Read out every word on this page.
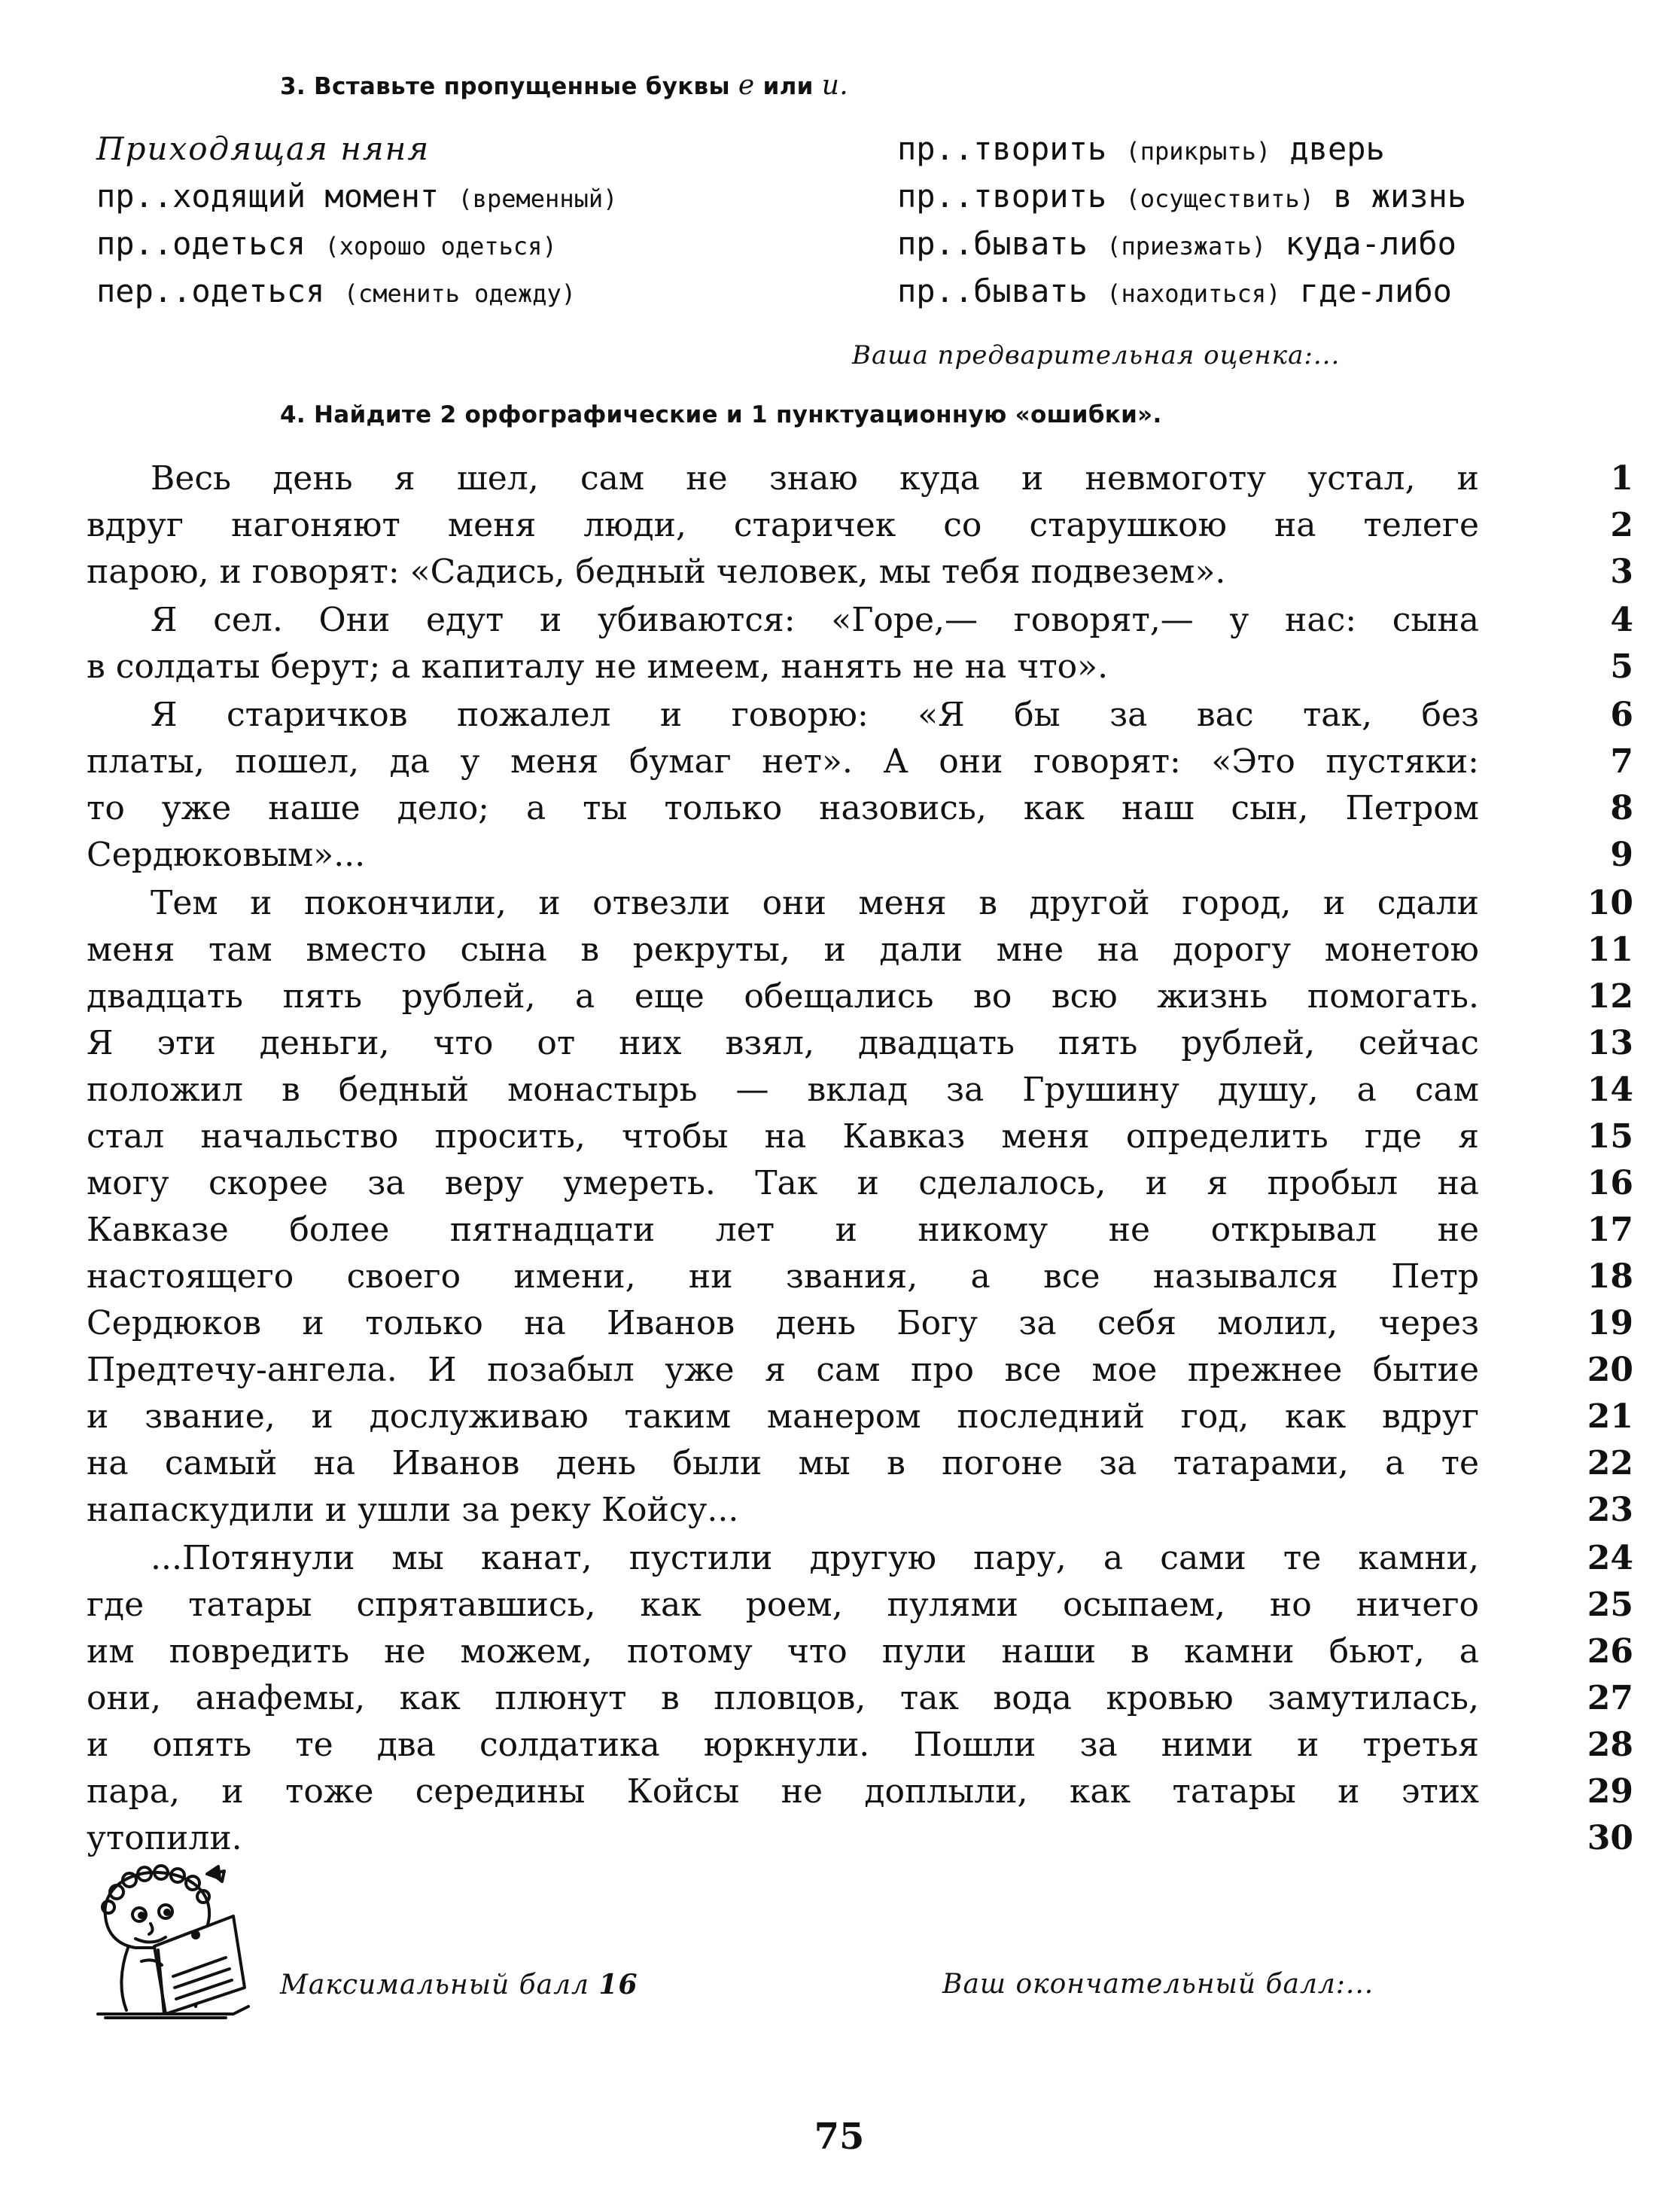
3. Вставьте пропущенные буквы е или и.
Приходящая няня
пр..ходящий момент (временный)
пр..одеться (хорошо одеться)
пер..одеться (сменить одежду)
пр..творить (прикрыть) дверь
пр..творить (осуществить) в жизнь
пр..бывать (приезжать) куда-либо
пр..бывать (находиться) где-либо
Ваша предварительная оценка:...
4. Найдите 2 орфографические и 1 пунктуационную «ошибки».
Весь день я шел, сам не знаю куда и невмоготу устал, и
вдруг нагоняют меня люди, старичек со старушкою на телеге
парою, и говорят: «Садись, бедный человек, мы тебя подвезем».
Я сел. Они едут и убиваются: «Горе,— говорят,— у нас: сына
в солдаты берут; а капиталу не имеем, нанять не на что».
Я старичков пожалел и говорю: «Я бы за вас так, без
платы, пошел, да у меня бумаг нет». А они говорят: «Это пустяки:
то уже наше дело; а ты только назовись, как наш сын, Петром
Сердюковым»...
Тем и покончили, и отвезли они меня в другой город, и сдали
меня там вместо сына в рекруты, и дали мне на дорогу монетою
двадцать пять рублей, а еще обещались во всю жизнь помогать.
Я эти деньги, что от них взял, двадцать пять рублей, сейчас
положил в бедный монастырь — вклад за Грушину душу, а сам
стал начальство просить, чтобы на Кавказ меня определить где я
могу скорее за веру умереть. Так и сделалось, и я пробыл на
Кавказе более пятнадцати лет и никому не открывал не
настоящего своего имени, ни звания, а все назывался Петр
Сердюков и только на Иванов день Богу за себя молил, через
Предтечу-ангела. И позабыл уже я сам про все мое прежнее бытие
и звание, и дослуживаю таким манером последний год, как вдруг
на самый на Иванов день были мы в погоне за татарами, а те
напаскудили и ушли за реку Койсу...
...Потянули мы канат, пустили другую пару, а сами те камни,
где татары спрятавшись, как роем, пулями осыпаем, но ничего
им повредить не можем, потому что пули наши в камни бьют, а
они, анафемы, как плюнут в пловцов, так вода кровью замутилась,
и опять те два солдатика юркнули. Пошли за ними и третья
пара, и тоже середины Койсы не доплыли, как татары и этих
утопили.
1
2
3
4
5
6
7
8
9
10
11
12
13
14
15
16
17
18
19
20
21
22
23
24
25
26
27
28
29
30
Максимальный балл 16	Ваш окончательный балл:...
75
